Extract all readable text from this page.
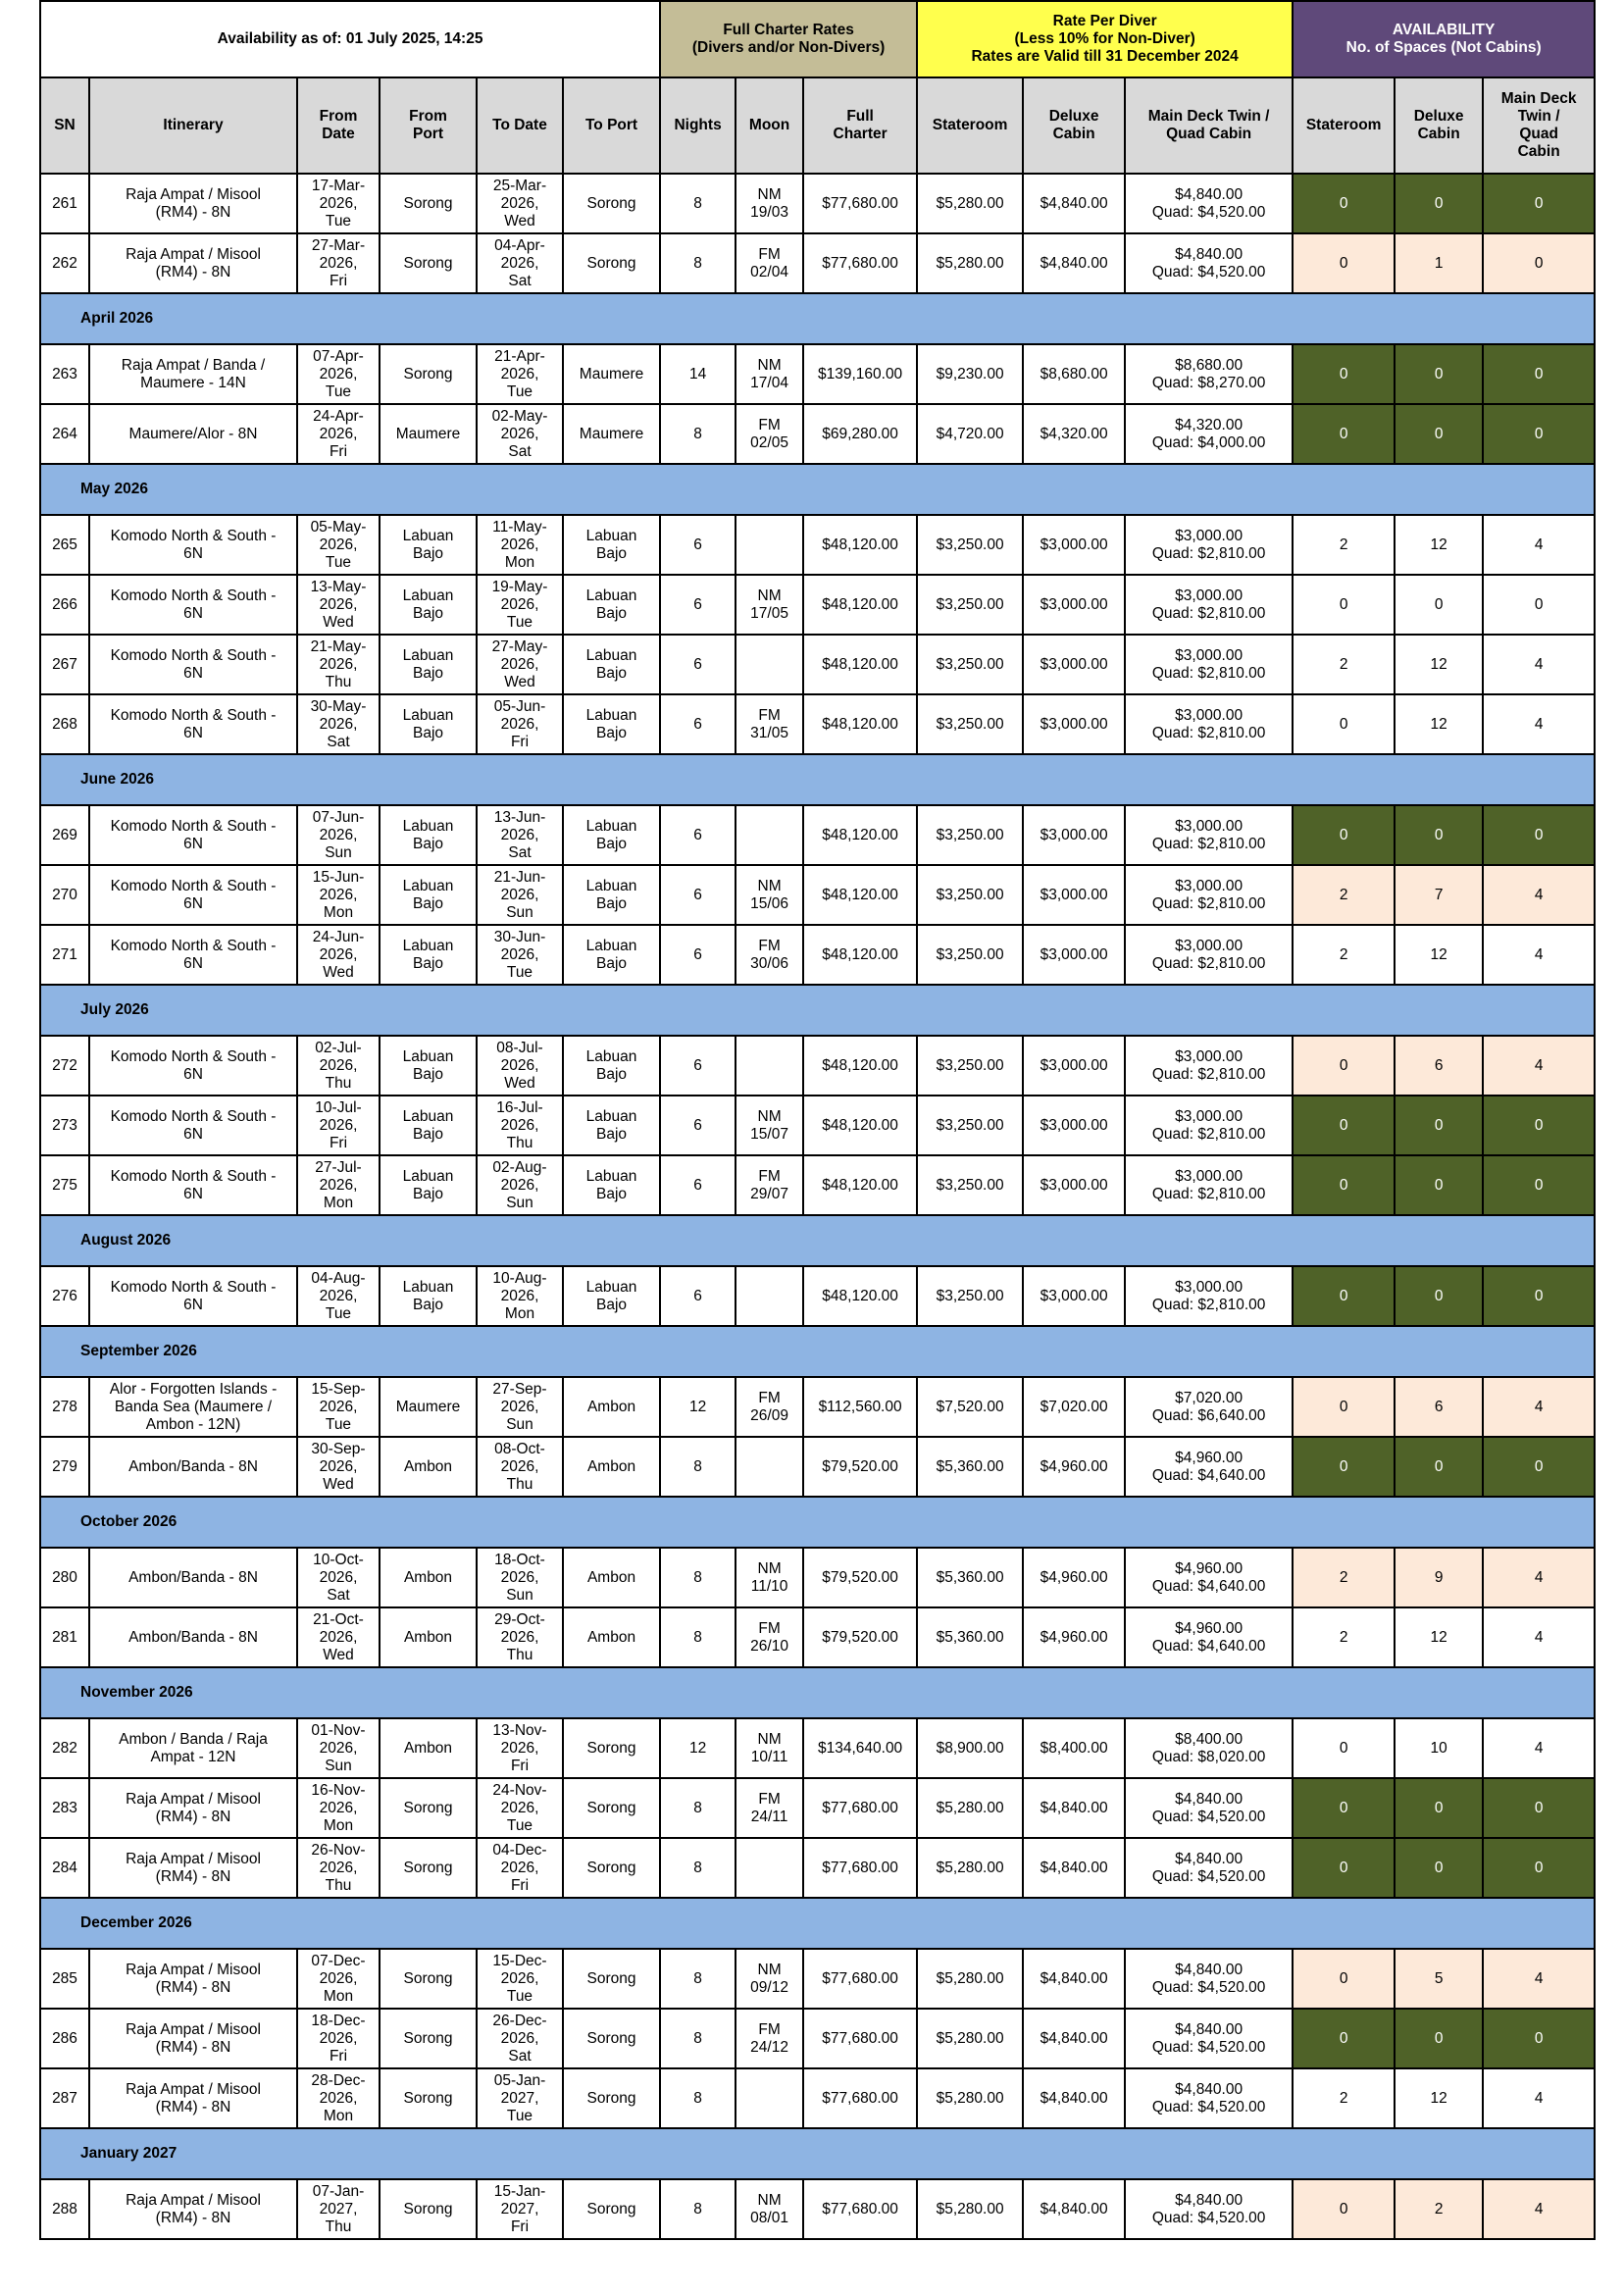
Availability as of: 01 July 2025, 14:25						Full Charter Rates
(Divers and/or Non-Divers)			Rate Per Diver
(Less 10% for Non-Diver)
Rates are Valid till 31 December 2024			AVAILABILITY
No. of Spaces (Not Cabins)		

SN	Itinerary	From
Date	From
Port	To Date	To Port	Nights	Moon	Full
Charter	Stateroom	Deluxe
Cabin	Main Deck Twin /
Quad Cabin	Stateroom	Deluxe
Cabin	Main Deck
Twin /
Quad
Cabin

261	Raja Ampat / Misool
(RM4) - 8N	17-Mar-
2026,
Tue	Sorong	25-Mar-
2026,
Wed	Sorong	8	NM
19/03	$77,680.00	$5,280.00	$4,840.00	$4,840.00
Quad: $4,520.00	0	0	0
262	Raja Ampat / Misool
(RM4) - 8N	27-Mar-
2026,
Fri	Sorong	04-Apr-
2026,
Sat	Sorong	8	FM
02/04	$77,680.00	$5,280.00	$4,840.00	$4,840.00
Quad: $4,520.00	0	1	0
April 2026														
263	Raja Ampat / Banda /
Maumere - 14N	07-Apr-
2026,
Tue	Sorong	21-Apr-
2026,
Tue	Maumere	14	NM
17/04	$139,160.00	$9,230.00	$8,680.00	$8,680.00
Quad: $8,270.00	0	0	0
264	Maumere/Alor - 8N	24-Apr-
2026,
Fri	Maumere	02-May-
2026,
Sat	Maumere	8	FM
02/05	$69,280.00	$4,720.00	$4,320.00	$4,320.00
Quad: $4,000.00	0	0	0
May 2026														
265	Komodo North & South -
6N	05-May-
2026,
Tue	Labuan
Bajo	11-May-
2026,
Mon	Labuan
Bajo	6		$48,120.00	$3,250.00	$3,000.00	$3,000.00
Quad: $2,810.00	2	12	4
266	Komodo North & South -
6N	13-May-
2026,
Wed	Labuan
Bajo	19-May-
2026,
Tue	Labuan
Bajo	6	NM
17/05	$48,120.00	$3,250.00	$3,000.00	$3,000.00
Quad: $2,810.00	0	0	0
267	Komodo North & South -
6N	21-May-
2026,
Thu	Labuan
Bajo	27-May-
2026,
Wed	Labuan
Bajo	6		$48,120.00	$3,250.00	$3,000.00	$3,000.00
Quad: $2,810.00	2	12	4
268	Komodo North & South -
6N	30-May-
2026,
Sat	Labuan
Bajo	05-Jun-
2026,
Fri	Labuan
Bajo	6	FM
31/05	$48,120.00	$3,250.00	$3,000.00	$3,000.00
Quad: $2,810.00	0	12	4
June 2026														
269	Komodo North & South -
6N	07-Jun-
2026,
Sun	Labuan
Bajo	13-Jun-
2026,
Sat	Labuan
Bajo	6		$48,120.00	$3,250.00	$3,000.00	$3,000.00
Quad: $2,810.00	0	0	0
270	Komodo North & South -
6N	15-Jun-
2026,
Mon	Labuan
Bajo	21-Jun-
2026,
Sun	Labuan
Bajo	6	NM
15/06	$48,120.00	$3,250.00	$3,000.00	$3,000.00
Quad: $2,810.00	2	7	4
271	Komodo North & South -
6N	24-Jun-
2026,
Wed	Labuan
Bajo	30-Jun-
2026,
Tue	Labuan
Bajo	6	FM
30/06	$48,120.00	$3,250.00	$3,000.00	$3,000.00
Quad: $2,810.00	2	12	4
July 2026														
272	Komodo North & South -
6N	02-Jul-
2026,
Thu	Labuan
Bajo	08-Jul-
2026,
Wed	Labuan
Bajo	6		$48,120.00	$3,250.00	$3,000.00	$3,000.00
Quad: $2,810.00	0	6	4
273	Komodo North & South -
6N	10-Jul-
2026,
Fri	Labuan
Bajo	16-Jul-
2026,
Thu	Labuan
Bajo	6	NM
15/07	$48,120.00	$3,250.00	$3,000.00	$3,000.00
Quad: $2,810.00	0	0	0
275	Komodo North & South -
6N	27-Jul-
2026,
Mon	Labuan
Bajo	02-Aug-
2026,
Sun	Labuan
Bajo	6	FM
29/07	$48,120.00	$3,250.00	$3,000.00	$3,000.00
Quad: $2,810.00	0	0	0
August 2026														
276	Komodo North & South -
6N	04-Aug-
2026,
Tue	Labuan
Bajo	10-Aug-
2026,
Mon	Labuan
Bajo	6		$48,120.00	$3,250.00	$3,000.00	$3,000.00
Quad: $2,810.00	0	0	0
September 2026														
278	Alor - Forgotten Islands -
Banda Sea (Maumere /
Ambon - 12N)	15-Sep-
2026,
Tue	Maumere	27-Sep-
2026,
Sun	Ambon	12	FM
26/09	$112,560.00	$7,520.00	$7,020.00	$7,020.00
Quad: $6,640.00	0	6	4
279	Ambon/Banda - 8N	30-Sep-
2026,
Wed	Ambon	08-Oct-
2026,
Thu	Ambon	8		$79,520.00	$5,360.00	$4,960.00	$4,960.00
Quad: $4,640.00	0	0	0
October 2026														
280	Ambon/Banda - 8N	10-Oct-
2026,
Sat	Ambon	18-Oct-
2026,
Sun	Ambon	8	NM
11/10	$79,520.00	$5,360.00	$4,960.00	$4,960.00
Quad: $4,640.00	2	9	4
281	Ambon/Banda - 8N	21-Oct-
2026,
Wed	Ambon	29-Oct-
2026,
Thu	Ambon	8	FM
26/10	$79,520.00	$5,360.00	$4,960.00	$4,960.00
Quad: $4,640.00	2	12	4
November 2026														
282	Ambon / Banda / Raja
Ampat - 12N	01-Nov-
2026,
Sun	Ambon	13-Nov-
2026,
Fri	Sorong	12	NM
10/11	$134,640.00	$8,900.00	$8,400.00	$8,400.00
Quad: $8,020.00	0	10	4
283	Raja Ampat / Misool
(RM4) - 8N	16-Nov-
2026,
Mon	Sorong	24-Nov-
2026,
Tue	Sorong	8	FM
24/11	$77,680.00	$5,280.00	$4,840.00	$4,840.00
Quad: $4,520.00	0	0	0
284	Raja Ampat / Misool
(RM4) - 8N	26-Nov-
2026,
Thu	Sorong	04-Dec-
2026,
Fri	Sorong	8		$77,680.00	$5,280.00	$4,840.00	$4,840.00
Quad: $4,520.00	0	0	0
December 2026														
285	Raja Ampat / Misool
(RM4) - 8N	07-Dec-
2026,
Mon	Sorong	15-Dec-
2026,
Tue	Sorong	8	NM
09/12	$77,680.00	$5,280.00	$4,840.00	$4,840.00
Quad: $4,520.00	0	5	4
286	Raja Ampat / Misool
(RM4) - 8N	18-Dec-
2026,
Fri	Sorong	26-Dec-
2026,
Sat	Sorong	8	FM
24/12	$77,680.00	$5,280.00	$4,840.00	$4,840.00
Quad: $4,520.00	0	0	0
287	Raja Ampat / Misool
(RM4) - 8N	28-Dec-
2026,
Mon	Sorong	05-Jan-
2027,
Tue	Sorong	8		$77,680.00	$5,280.00	$4,840.00	$4,840.00
Quad: $4,520.00	2	12	4
January 2027														
288	Raja Ampat / Misool
(RM4) - 8N	07-Jan-
2027,
Thu	Sorong	15-Jan-
2027,
Fri	Sorong	8	NM
08/01	$77,680.00	$5,280.00	$4,840.00	$4,840.00
Quad: $4,520.00	0	2	4
